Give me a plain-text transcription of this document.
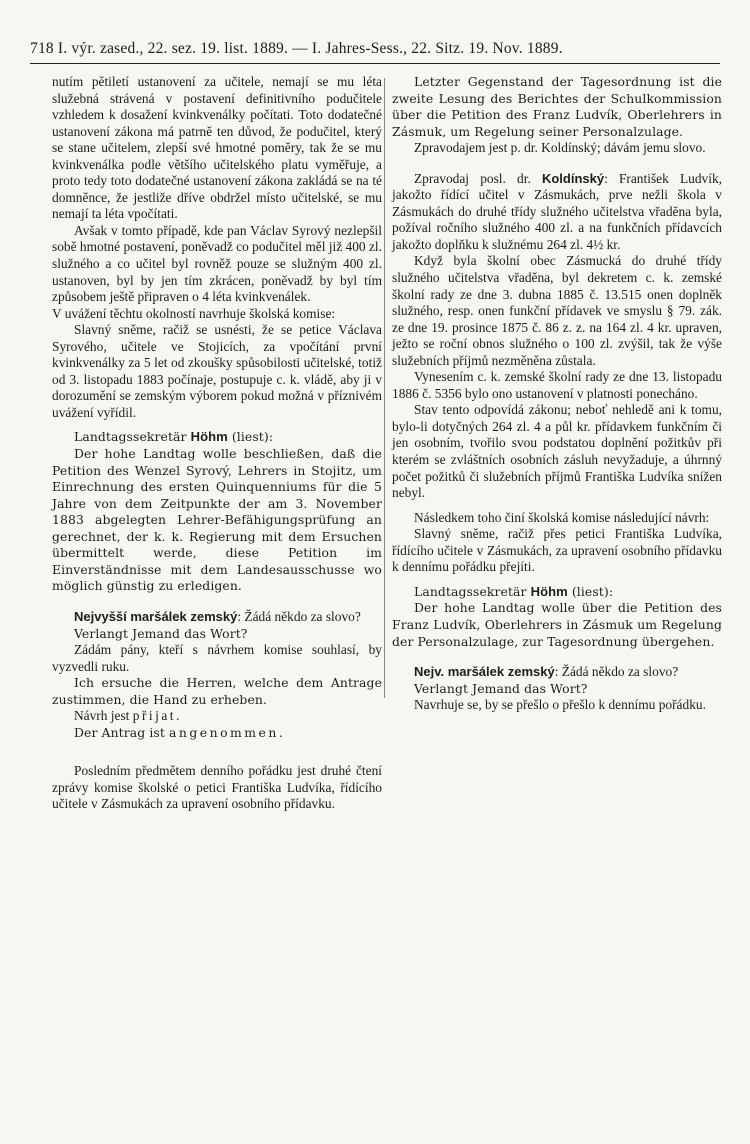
718 I. výr. zased., 22. sez. 19. list. 1889. — I. Jahres-Sess., 22. Sitz. 19. Nov. 1889.

nutím pětiletí ustanovení za učitele, nemají se mu léta služebná strávená v postavení definitivního podučitele vzhledem k dosažení kvinkvenálky počítati. Toto dodatečné ustanovení zákona má patrně ten důvod, že podučitel, který se stane učitelem, zlepší své hmotné poměry, tak že se mu kvinkvenálka podle většího učitelského platu vyměřuje, a proto tedy toto dodatečné ustanovení zákona zakládá se na té domněnce, že jestliže dříve obdržel místo učitelské, se mu nemají ta léta vpočítati.

Avšak v tomto případě, kde pan Václav Syrový nezlepšil sobě hmotné postavení, poněvadž co podučitel měl již 400 zl. služného a co učitel byl rovněž pouze se služným 400 zl. ustanoven, byl by jen tím zkrácen, poněvadž by byl tím způsobem ještě připraven o 4 léta kvinkvenálek.

V uvážení těchtu okolností navrhuje školská komise:

Slavný sněme, račiž se usnésti, že se petice Václava Syrového, učitele ve Stojicích, za vpočítání první kvinkvenálky za 5 let od zkoušky spůsobilosti učitelské, totiž od 3. listopadu 1883 počínaje, postupuje c. k. vládě, aby ji v dorozumění se zemským výborem pokud možná v příznivém uvážení vyřídil.

Landtagssekretär Höhm (liest):

Der hohe Landtag wolle beschließen, daß die Petition des Wenzel Syrový, Lehrers in Stojitz, um Einrechnung des ersten Quinquenniums für die 5 Jahre von dem Zeitpunkte der am 3. November 1883 abgelegten Lehrer-Befähigungsprüfung an gerechnet, der k. k. Regierung mit dem Ersuchen übermittelt werde, diese Petition im Einverständnisse mit dem Landesausschusse wo möglich günstig zu erledigen.

Nejvyšší maršálek zemský: Žádá někdo za slovo?

Verlangt Jemand das Wort?

Zádám pány, kteří s návrhem komise souhlasí, by vyzvedli ruku.

Ich ersuche die Herren, welche dem Antrage zustimmen, die Hand zu erheben.

Návrh jest přijat.

Der Antrag ist angenommen.

Posledním předmětem denního pořádku jest druhé čtení zprávy komise školské o petici Františka Ludvíka, řídícího učitele v Zásmukách za upravení osobního přídavku.

Letzter Gegenstand der Tagesordnung ist die zweite Lesung des Berichtes der Schulkommission über die Petition des Franz Ludvík, Oberlehrers in Zásmuk, um Regelung seiner Personalzulage.

Zpravodajem jest p. dr. Koldínský; dávám jemu slovo.

Zpravodaj posl. dr. Koldínský: František Ludvík, jakožto řídící učitel v Zásmukách, prve nežli škola v Zásmukách do druhé třídy služného učitelstva vřaděna byla, požíval ročního služného 400 zl. a na funkčních přídavcích jakožto doplňku k služnému 264 zl. 4½ kr.

Když byla školní obec Zásmucká do druhé třídy služného učitelstva vřaděna, byl dekretem c. k. zemské školní rady ze dne 3. dubna 1885 č. 13.515 onen doplněk služného, resp. onen funkční přídavek ve smyslu § 79. zák. ze dne 19. prosince 1875 č. 86 z. z. na 164 zl. 4 kr. upraven, ježto se roční obnos služného o 100 zl. zvýšil, tak že výše služebních příjmů nezměněna zůstala.

Vynesením c. k. zemské školní rady ze dne 13. listopadu 1886 č. 5356 bylo ono ustanovení v platnosti ponecháno.

Stav tento odpovídá zákonu; neboť nehledě ani k tomu, bylo-li dotyčných 264 zl. 4 a půl kr. přídavkem funkčním či jen osobním, tvořilo svou podstatou doplnění požitkův při kterém se zvláštních osobních zásluh nevyžaduje, a úhrnný počet požitků či služebních příjmů Františka Ludvíka snížen nebyl.

Následkem toho činí školská komise následující návrh:

Slavný sněme, račiž přes petici Františka Ludvíka, řídícího učitele v Zásmukách, za upravení osobního přídavku k dennímu pořádku přejíti.

Landtagssekretär Höhm (liest):

Der hohe Landtag wolle über die Petition des Franz Ludvík, Oberlehrers in Zásmuk um Regelung der Personalzulage, zur Tagesordnung übergehen.

Nejv. maršálek zemský: Žádá někdo za slovo?

Verlangt Jemand das Wort?

Navrhuje se, by se přešlo o přešlo k dennímu pořádku.
